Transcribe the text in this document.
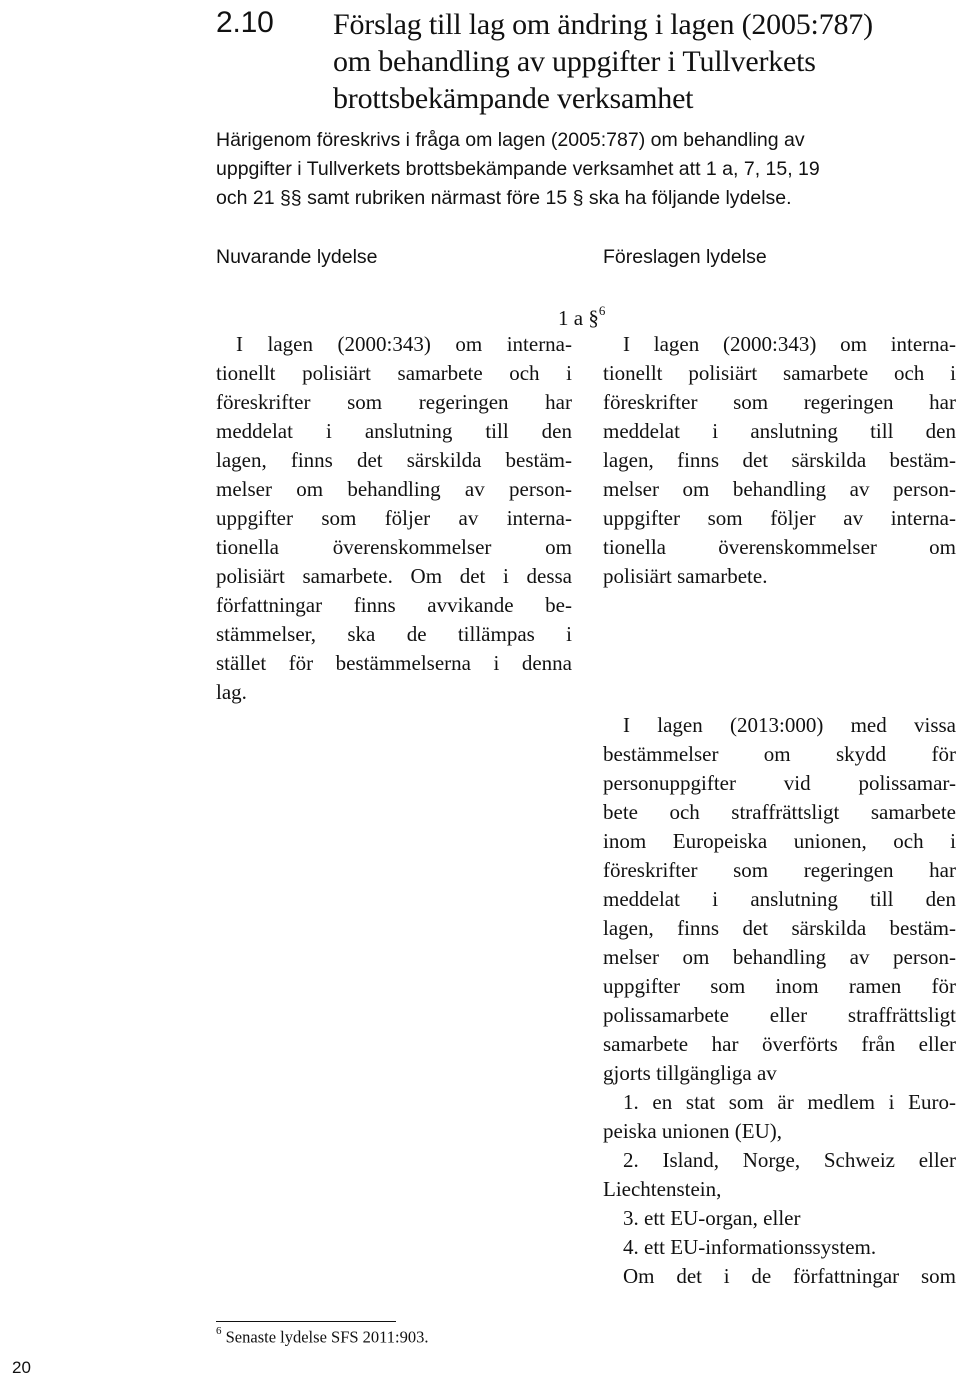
2.10 Förslag till lag om ändring i lagen (2005:787)
om behandling av uppgifter i Tullverkets
brottsbekämpande verksamhet
Härigenom föreskrivs i fråga om lagen (2005:787) om behandling av
uppgifter i Tullverkets brottsbekämpande verksamhet att 1 a, 7, 15, 19
och 21 §§ samt rubriken närmast före 15 § ska ha följande lydelse.
Nuvarande lydelse	Föreslagen lydelse
1 a §$^6$
I lagen (2000:343) om interna-
tionellt polisiärt samarbete och i
föreskrifter som regeringen har
meddelat i anslutning till den
lagen, finns det särskilda bestäm-
melser om behandling av person-
uppgifter som följer av interna-
tionella överenskommelser om
polisiärt samarbete. Om det i dessa
författningar finns avvikande be-
stämmelser, ska de tillämpas i
stället för bestämmelserna i denna
lag.
I lagen (2000:343) om interna-
tionellt polisiärt samarbete och i
föreskrifter som regeringen har
meddelat i anslutning till den
lagen, finns det särskilda bestäm-
melser om behandling av person-
uppgifter som följer av interna-
tionella överenskommelser om
polisiärt samarbete.
I lagen (2013:000) med vissa
bestämmelser om skydd för
personuppgifter vid polissamar-
bete och straffrättsligt samarbete
inom Europeiska unionen, och i
föreskrifter som regeringen har
meddelat i anslutning till den
lagen, finns det särskilda bestäm-
melser om behandling av person-
uppgifter som inom ramen för
polissamarbete eller straffrättsligt
samarbete har överförts från eller
gjorts tillgängliga av
1. en stat som är medlem i Euro-
peiska unionen (EU),
2. Island, Norge, Schweiz eller
Liechtenstein,
3. ett EU-organ, eller
4. ett EU-informationssystem.
Om det i de författningar som
$^6$ Senaste lydelse SFS 2011:903.
20
